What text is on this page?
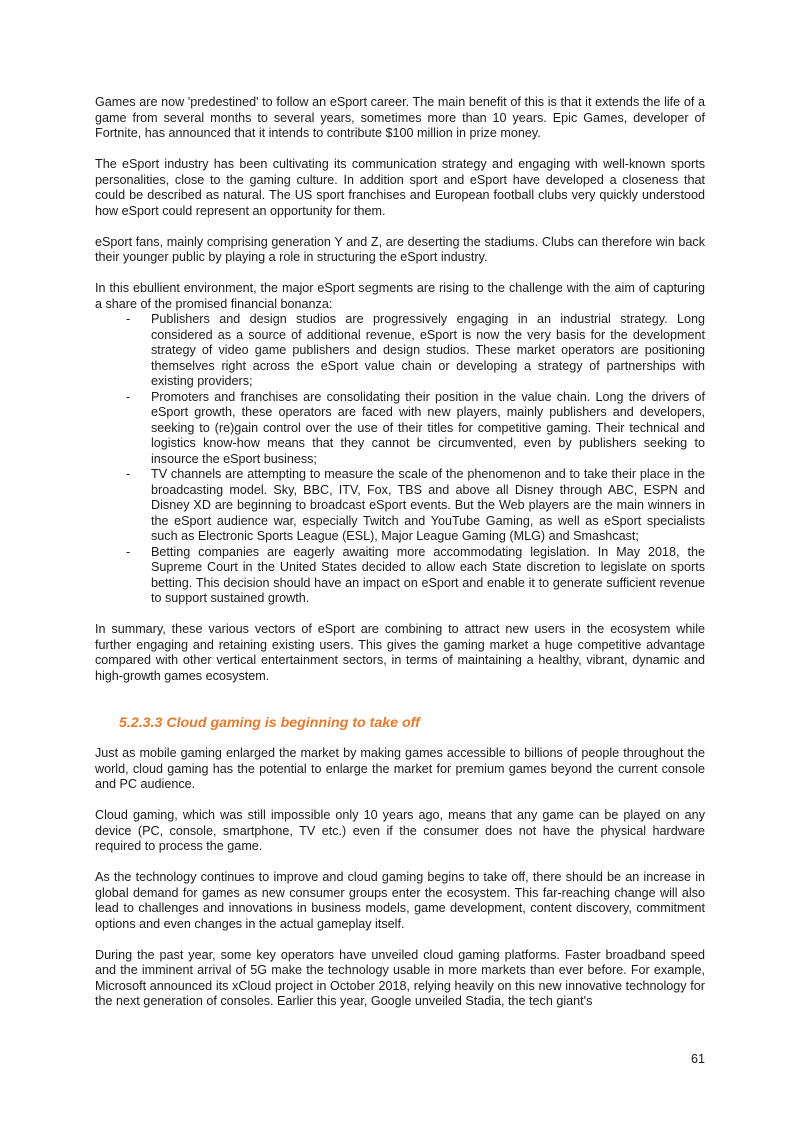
Games are now 'predestined' to follow an eSport career. The main benefit of this is that it extends the life of a game from several months to several years, sometimes more than 10 years. Epic Games, developer of Fortnite, has announced that it intends to contribute $100 million in prize money.

The eSport industry has been cultivating its communication strategy and engaging with well-known sports personalities, close to the gaming culture. In addition sport and eSport have developed a closeness that could be described as natural. The US sport franchises and European football clubs very quickly understood how eSport could represent an opportunity for them.

eSport fans, mainly comprising generation Y and Z, are deserting the stadiums. Clubs can therefore win back their younger public by playing a role in structuring the eSport industry.

In this ebullient environment, the major eSport segments are rising to the challenge with the aim of capturing a share of the promised financial bonanza:

- Publishers and design studios are progressively engaging in an industrial strategy. Long considered as a source of additional revenue, eSport is now the very basis for the development strategy of video game publishers and design studios. These market operators are positioning themselves right across the eSport value chain or developing a strategy of partnerships with existing providers;
- Promoters and franchises are consolidating their position in the value chain. Long the drivers of eSport growth, these operators are faced with new players, mainly publishers and developers, seeking to (re)gain control over the use of their titles for competitive gaming. Their technical and logistics know-how means that they cannot be circumvented, even by publishers seeking to insource the eSport business;
- TV channels are attempting to measure the scale of the phenomenon and to take their place in the broadcasting model. Sky, BBC, ITV, Fox, TBS and above all Disney through ABC, ESPN and Disney XD are beginning to broadcast eSport events. But the Web players are the main winners in the eSport audience war, especially Twitch and YouTube Gaming, as well as eSport specialists such as Electronic Sports League (ESL), Major League Gaming (MLG) and Smashcast;
- Betting companies are eagerly awaiting more accommodating legislation. In May 2018, the Supreme Court in the United States decided to allow each State discretion to legislate on sports betting. This decision should have an impact on eSport and enable it to generate sufficient revenue to support sustained growth.

In summary, these various vectors of eSport are combining to attract new users in the ecosystem while further engaging and retaining existing users. This gives the gaming market a huge competitive advantage compared with other vertical entertainment sectors, in terms of maintaining a healthy, vibrant, dynamic and high-growth games ecosystem.

5.2.3.3 Cloud gaming is beginning to take off

Just as mobile gaming enlarged the market by making games accessible to billions of people throughout the world, cloud gaming has the potential to enlarge the market for premium games beyond the current console and PC audience.

Cloud gaming, which was still impossible only 10 years ago, means that any game can be played on any device (PC, console, smartphone, TV etc.) even if the consumer does not have the physical hardware required to process the game.

As the technology continues to improve and cloud gaming begins to take off, there should be an increase in global demand for games as new consumer groups enter the ecosystem. This far-reaching change will also lead to challenges and innovations in business models, game development, content discovery, commitment options and even changes in the actual gameplay itself.

During the past year, some key operators have unveiled cloud gaming platforms. Faster broadband speed and the imminent arrival of 5G make the technology usable in more markets than ever before. For example, Microsoft announced its xCloud project in October 2018, relying heavily on this new innovative technology for the next generation of consoles. Earlier this year, Google unveiled Stadia, the tech giant's

61
